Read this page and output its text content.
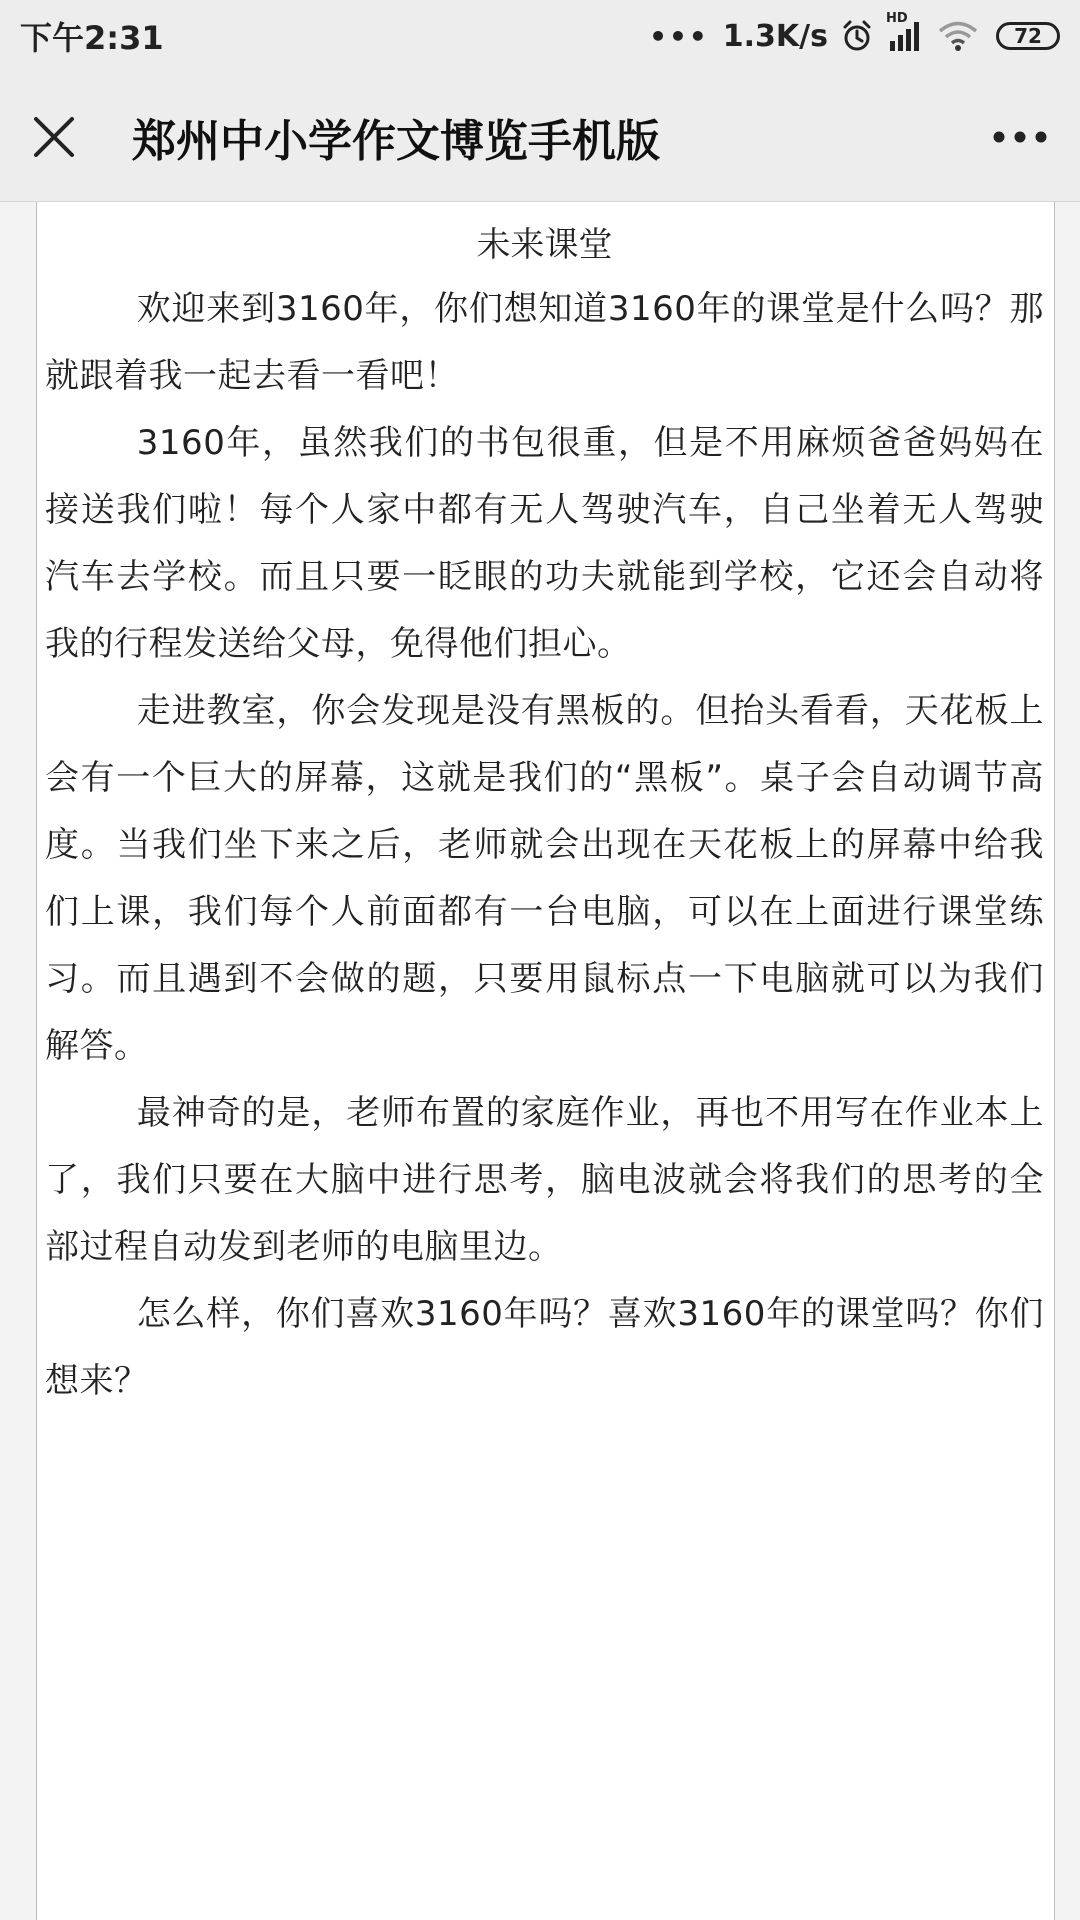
下午2:31	••• 1.3K/s	HD
72
郑州中小学作文博览手机版
未来课堂

欢迎来到3160年，你们想知道3160年的课堂是什么吗？那就跟着我一起去看一看吧！

3160年，虽然我们的书包很重，但是不用麻烦爸爸妈妈在接送我们啦！每个人家中都有无人驾驶汽车，自己坐着无人驾驶汽车去学校。而且只要一眨眼的功夫就能到学校，它还会自动将我的行程发送给父母，免得他们担心。

走进教室，你会发现是没有黑板的。但抬头看看，天花板上会有一个巨大的屏幕，这就是我们的“黑板”。桌子会自动调节高度。当我们坐下来之后，老师就会出现在天花板上的屏幕中给我们上课，我们每个人前面都有一台电脑，可以在上面进行课堂练习。而且遇到不会做的题，只要用鼠标点一下电脑就可以为我们解答。

最神奇的是，老师布置的家庭作业，再也不用写在作业本上了，我们只要在大脑中进行思考，脑电波就会将我们的思考的全部过程自动发到老师的电脑里边。

怎么样，你们喜欢3160年吗？喜欢3160年的课堂吗？你们想来？
